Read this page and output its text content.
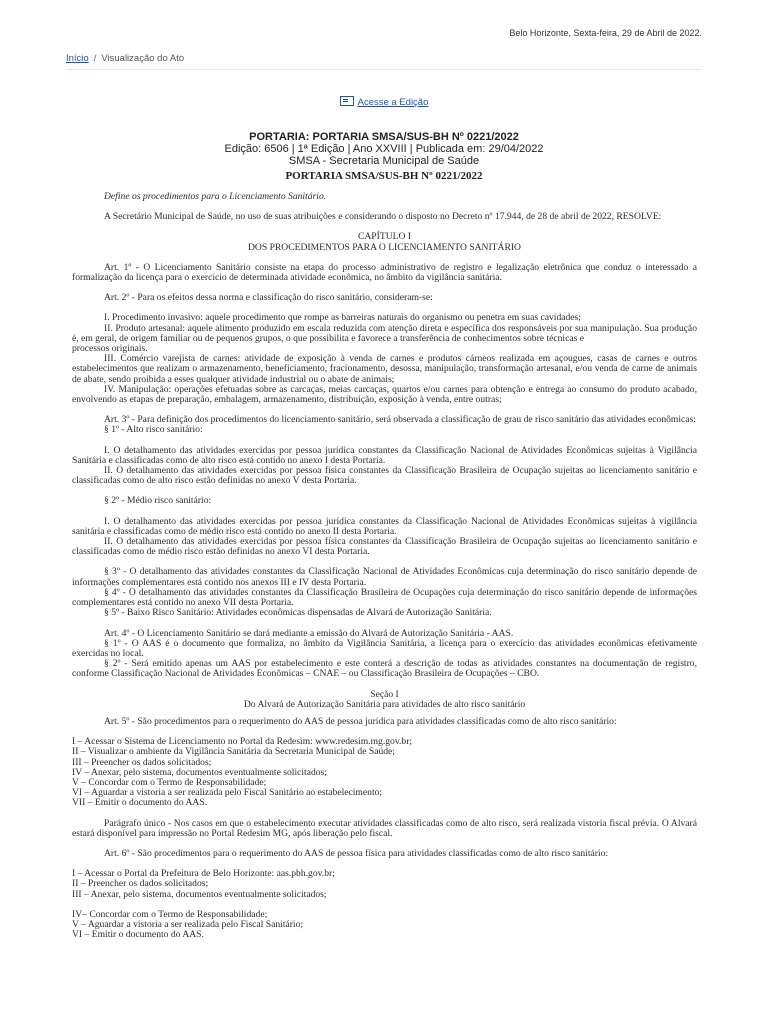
Belo Horizonte, Sexta-feira, 29 de Abril de 2022.
Início / Visualização do Ato
Acesse a Edição
PORTARIA: PORTARIA SMSA/SUS-BH Nº 0221/2022
Edição: 6506 | 1ª Edição | Ano XXVIII | Publicada em: 29/04/2022
SMSA - Secretaria Municipal de Saúde
PORTARIA SMSA/SUS-BH Nº 0221/2022

Define os procedimentos para o Licenciamento Sanitário.

A Secretário Municipal de Saúde, no uso de suas atribuições e considerando o disposto no Decreto nº 17.944, de 28 de abril de 2022, RESOLVE:

CAPÍTULO I

DOS PROCEDIMENTOS PARA O LICENCIAMENTO SANITÁRIO

Art. 1º - O Licenciamento Sanitário consiste na etapa do processo administrativo de registro e legalização eletrônica que conduz o interessado a formalização da licença para o exercício de determinada atividade econômica, no âmbito da vigilância sanitária.

Art. 2º - Para os efeitos dessa norma e classificação do risco sanitário, consideram-se:

I. Procedimento invasivo: aquele procedimento que rompe as barreiras naturais do organismo ou penetra em suas cavidades;

II. Produto artesanal: aquele alimento produzido em escala reduzida com atenção direta e específica dos responsáveis por sua manipulação. Sua produção é, em geral, de origem familiar ou de pequenos grupos, o que possibilita e favorece a transferência de conhecimentos sobre técnicas e

processos originais.

III. Comércio varejista de carnes: atividade de exposição à venda de carnes e produtos cárneos realizada em açougues, casas de carnes e outros estabelecimentos que realizam o armazenamento, beneficiamento, fracionamento, desossa, manipulação, transformação artesanal, e/ou venda de carne de animais de abate, sendo proibida a esses qualquer atividade industrial ou o abate de animais;

IV. Manipulação: operações efetuadas sobre as carcaças, meias carcaças, quartos e/ou carnes para obtenção e entrega ao consumo do produto acabado, envolvendo as etapas de preparação, embalagem, armazenamento, distribuição, exposição à venda, entre outras;

Art. 3º - Para definição dos procedimentos do licenciamento sanitário, será observada a classificação de grau de risco sanitário das atividades econômicas:

§ 1º - Alto risco sanitário:

I. O detalhamento das atividades exercidas por pessoa jurídica constantes da Classificação Nacional de Atividades Econômicas sujeitas à Vigilância Sanitária e classificadas como de alto risco está contido no anexo I desta Portaria.

II. O detalhamento das atividades exercidas por pessoa física constantes da Classificação Brasileira de Ocupação sujeitas ao licenciamento sanitário e classificadas como de alto risco estão definidas no anexo V desta Portaria.

§ 2º - Médio risco sanitário:

I. O detalhamento das atividades exercidas por pessoa jurídica constantes da Classificação Nacional de Atividades Econômicas sujeitas à vigilância sanitária e classificadas como de médio risco está contido no anexo II desta Portaria.

II. O detalhamento das atividades exercidas por pessoa física constantes da Classificação Brasileira de Ocupação sujeitas ao licenciamento sanitário e classificadas como de médio risco estão definidas no anexo VI desta Portaria.

§ 3º - O detalhamento das atividades constantes da Classificação Nacional de Atividades Econômicas cuja determinação do risco sanitário depende de informações complementares está contido nos anexos III e IV desta Portaria.

§ 4º - O detalhamento das atividades constantes da Classificação Brasileira de Ocupações cuja determinação do risco sanitário depende de informações complementares está contido no anexo VII desta Portaria.

§ 5º - Baixo Risco Sanitário: Atividades econômicas dispensadas de Alvará de Autorização Sanitária.

Art. 4º - O Licenciamento Sanitário se dará mediante a emissão do Alvará de Autorização Sanitária - AAS.

§ 1º - O AAS é o documento que formaliza, no âmbito da Vigilância Sanitária, a licença para o exercício das atividades econômicas efetivamente exercidas no local.

§ 2º - Será emitido apenas um AAS por estabelecimento e este conterá a descrição de todas as atividades constantes na documentação de registro, conforme Classificação Nacional de Atividades Econômicas – CNAE – ou Classificação Brasileira de Ocupações – CBO.

Seção I

Do Alvará de Autorização Sanitária para atividades de alto risco sanitário

Art. 5º - São procedimentos para o requerimento do AAS de pessoa jurídica para atividades classificadas como de alto risco sanitário:

I – Acessar o Sistema de Licenciamento no Portal da Redesim: www.redesim.mg.gov.br;

II – Visualizar o ambiente da Vigilância Sanitária da Secretaria Municipal de Saúde;

III – Preencher os dados solicitados;

IV – Anexar, pelo sistema, documentos eventualmente solicitados;

V – Concordar com o Termo de Responsabilidade;

VI – Aguardar a vistoria a ser realizada pelo Fiscal Sanitário ao estabelecimento;

VII – Emitir o documento do AAS.

Parágrafo único - Nos casos em que o estabelecimento executar atividades classificadas como de alto risco, será realizada vistoria fiscal prévia. O Alvará estará disponível para impressão no Portal Redesim MG, após liberação pelo fiscal.

Art. 6º - São procedimentos para o requerimento do AAS de pessoa física para atividades classificadas como de alto risco sanitário:

I – Acessar o Portal da Prefeitura de Belo Horizonte: aas.pbh.gov.br;

II – Preencher os dados solicitados;

III – Anexar, pelo sistema, documentos eventualmente solicitados;

IV– Concordar com o Termo de Responsabilidade;

V – Aguardar a vistoria a ser realizada pelo Fiscal Sanitário;

VI – Emitir o documento do AAS.
